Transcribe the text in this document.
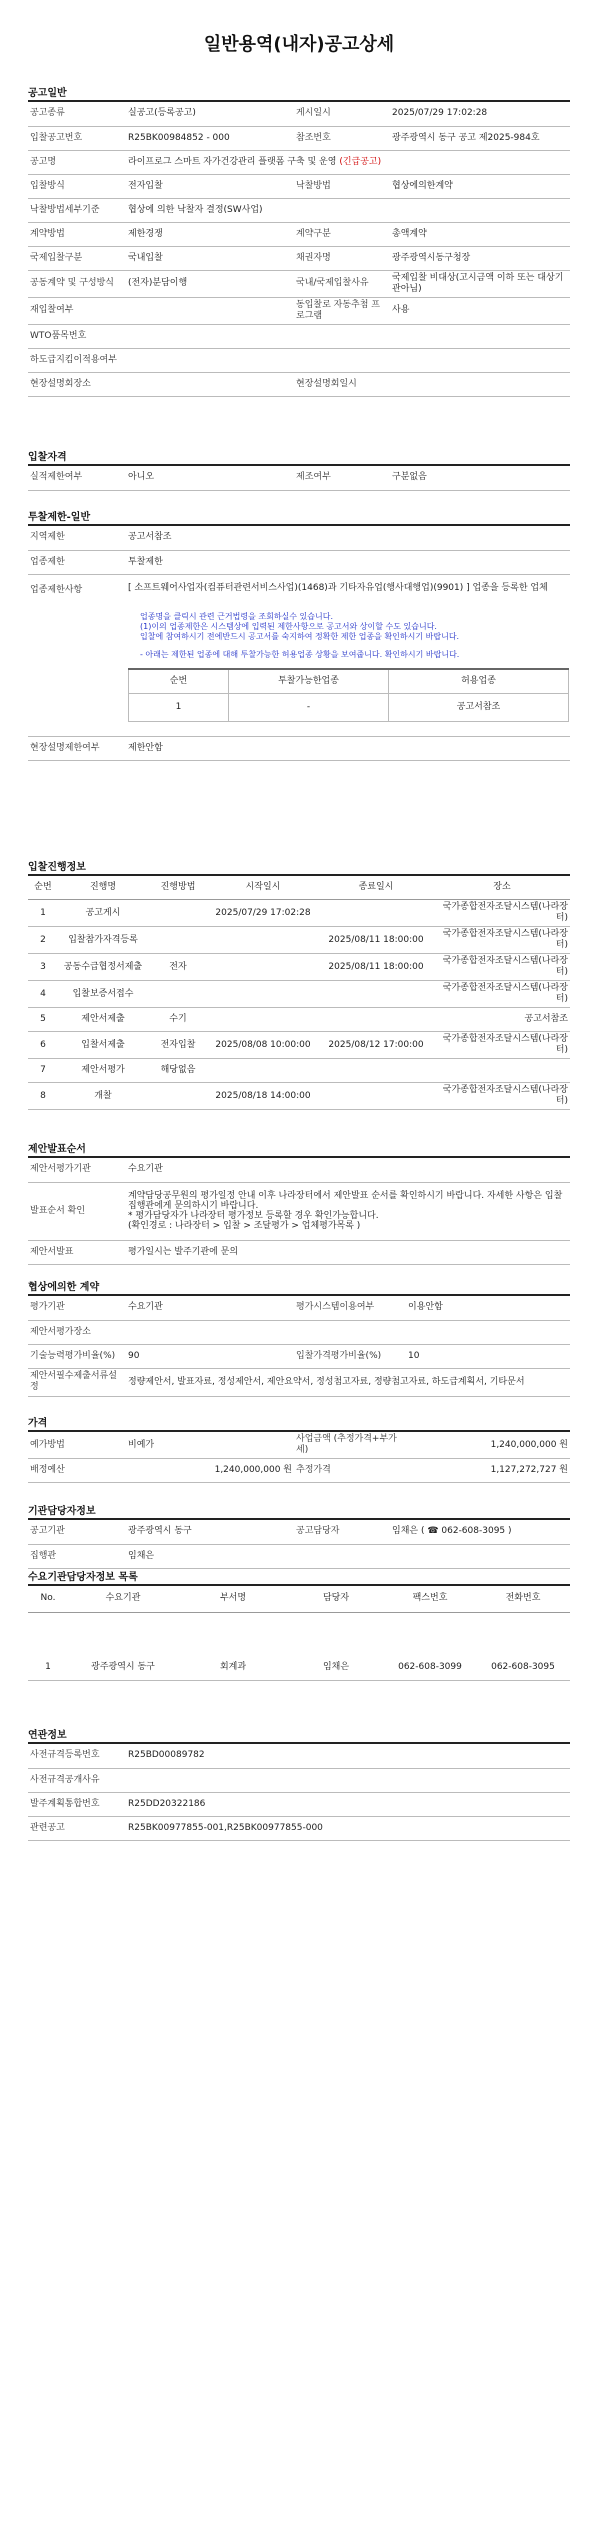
일반용역(내자)공고상세
공고일반
공고종류	실공고(등록공고)	게시일시	2025/07/29 17:02:28
입찰공고번호	R25BK00984852 - 000	참조번호	광주광역시 동구 공고 제2025-984호
공고명	라이프로그 스마트 자가건강관리 플랫폼 구축 및 운영 (긴급공고)		
입찰방식	전자입찰	낙찰방법	협상에의한계약
낙찰방법세부기준	협상에 의한 낙찰자 결정(SW사업)		
계약방법	제한경쟁	계약구분	총액계약
국제입찰구분	국내입찰	채권자명	광주광역시동구청장
공동계약 및 구성방식	(전자)분담이행	국내/국제입찰사유	국제입찰 비대상(고시금액 이하 또는 대상기관아님)
재입찰여부		동입찰로 자동추첨 프로그램	사용
WTO품목번호			
하도급지킴이적용여부			
현장설명회장소		현장설명회일시	
입찰자격
실적제한여부	아니오	제조여부	구분없음
투찰제한-일반
지역제한	공고서참조
업종제한	투찰제한
업종제한사항	[ 소프트웨어사업자(컴퓨터관련서비스사업)(1468)과 기타자유업(행사대행업)(9901) ] 업종을 등록한 업체
업종명을 클릭시 관련 근거법령을 조회하실수 있습니다.
(1)이의 업종제한은 시스템상에 입력된 제한사항으로 공고서와 상이할 수도 있습니다.
입찰에 참여하시기 전에반드시 공고서를 숙지하여 정확한 제한 업종을 확인하시기 바랍니다.
- 아래는 제한된 업종에 대해 투찰가능한 허용업종 상황을 보여줍니다. 확인하시기 바랍니다.
순번	투찰가능한업종	허용업종
1	-	공고서참조

현장설명제한여부	제한안함
입찰진행정보
순번	진행명	진행방법	시작일시	종료일시	장소
1	공고게시		2025/07/29 17:02:28		국가종합전자조달시스템(나라장터)
2	입찰참가자격등록			2025/08/11 18:00:00	국가종합전자조달시스템(나라장터)
3	공동수급협정서제출	전자		2025/08/11 18:00:00	국가종합전자조달시스템(나라장터)
4	입찰보증서접수				국가종합전자조달시스템(나라장터)
5	제안서제출	수기			공고서참조
6	입찰서제출	전자입찰	2025/08/08 10:00:00	2025/08/12 17:00:00	국가종합전자조달시스템(나라장터)
7	제안서평가	해당없음			
8	개찰		2025/08/18 14:00:00		국가종합전자조달시스템(나라장터)
제안발표순서
제안서평가기관	수요기관
발표순서 확인	계약담당공무원의 평가일정 안내 이후 나라장터에서 제안발표 순서를 확인하시기 바랍니다. 자세한 사항은 입찰 집행관에게 문의하시기 바랍니다.
* 평가담당자가 나라장터 평가정보 등록할 경우 확인가능합니다.
(확인경로 : 나라장터 > 입찰 > 조달평가 > 업체평가목록 )
제안서발표	평가일시는 발주기관에 문의
협상에의한 계약
평가기관	수요기관	평가시스템이용여부	이용안함
제안서평가장소			
기술능력평가비율(%)	90	입찰가격평가비율(%)	10
제안서필수제출서류설정	정량제안서, 발표자료, 정성제안서, 제안요약서, 정성첨고자료, 정량첨고자료, 하도급계획서, 기타문서		
가격
예가방법	비예가	사업금액 (추정가격+부가세)	1,240,000,000 원
배정예산	1,240,000,000 원	추정가격	1,127,272,727 원
기관담당자정보
공고기관	광주광역시 동구	공고담당자	임채은 ( ☎ 062-608-3095 )
집행관	임채은		
수요기관담당자정보 목록
No.	수요기관	부서명	담당자	팩스번호	전화번호

1	광주광역시 동구	회계과	임채은	062-608-3099	062-608-3095
연관정보
사전규격등록번호	R25BD00089782
사전규격공개사유	
발주계획통합번호	R25DD20322186
관련공고	R25BK00977855-001,R25BK00977855-000
